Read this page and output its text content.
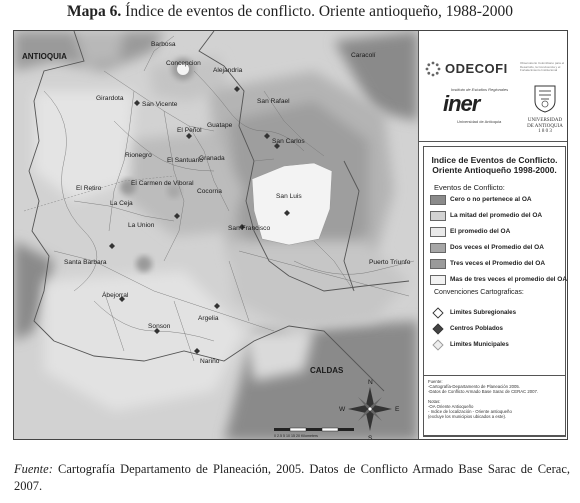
Mapa 6. Índice de eventos de conflicto. Oriente antioqueño, 1988-2000
Barbosa
ANTIOQUIA
Concepcion
Alejandria
Caracolí
Girardota
San Vicente	San Rafael
El Peñol
Guatape
Rionegro
El Santuario
Granada
San Carlos
El Carmen de Viboral
El Retiro	Cocorna
San Luis
La Ceja
La Union	San Francisco
Puerto Triunfo
Santa Barbara
Abejorral
Argelia
Sonson
Nariño
CALDAS
N
S
E
W
0 2.5 5 10 15 20 Kilometers
ODECOFI	Observatorio Colombiano para el Desarrollo, la Convivencia y el Fortalecimiento Institucional
Instituto de Estudios Regionales
iner
Universidad de Antioquia	UNIVERSIDAD
DE ANTIOQUIA
1 8 0 3
Indice de Eventos de Conflicto.
Oriente Antioqueño 1998-2000.
Eventos de Conflicto:
Cero o no pertenece al OA
La mitad del promedio del OA
El promedio del OA
Dos veces el Promedio del OA
Tres veces el Promedio del OA
Mas de tres veces el promedio del OA
Convenciones Cartograficas:
Limites Subregionales
Centros Poblados
Limites Municipales

Fuente:
-Cartografía-Departamento de Planeación 2005.
-Datos de Conflicto Armado Base Sarac de CERAC 2007.

Notas:
-OA Oriente Antioqueño
- Indice de localización - Oriente antioqueño
(excluye los municipios ubicados a este).

Fuente: Cartografía Departamento de Planeación, 2005. Datos de Conflicto Armado Base Sarac de Cerac, 2007.
